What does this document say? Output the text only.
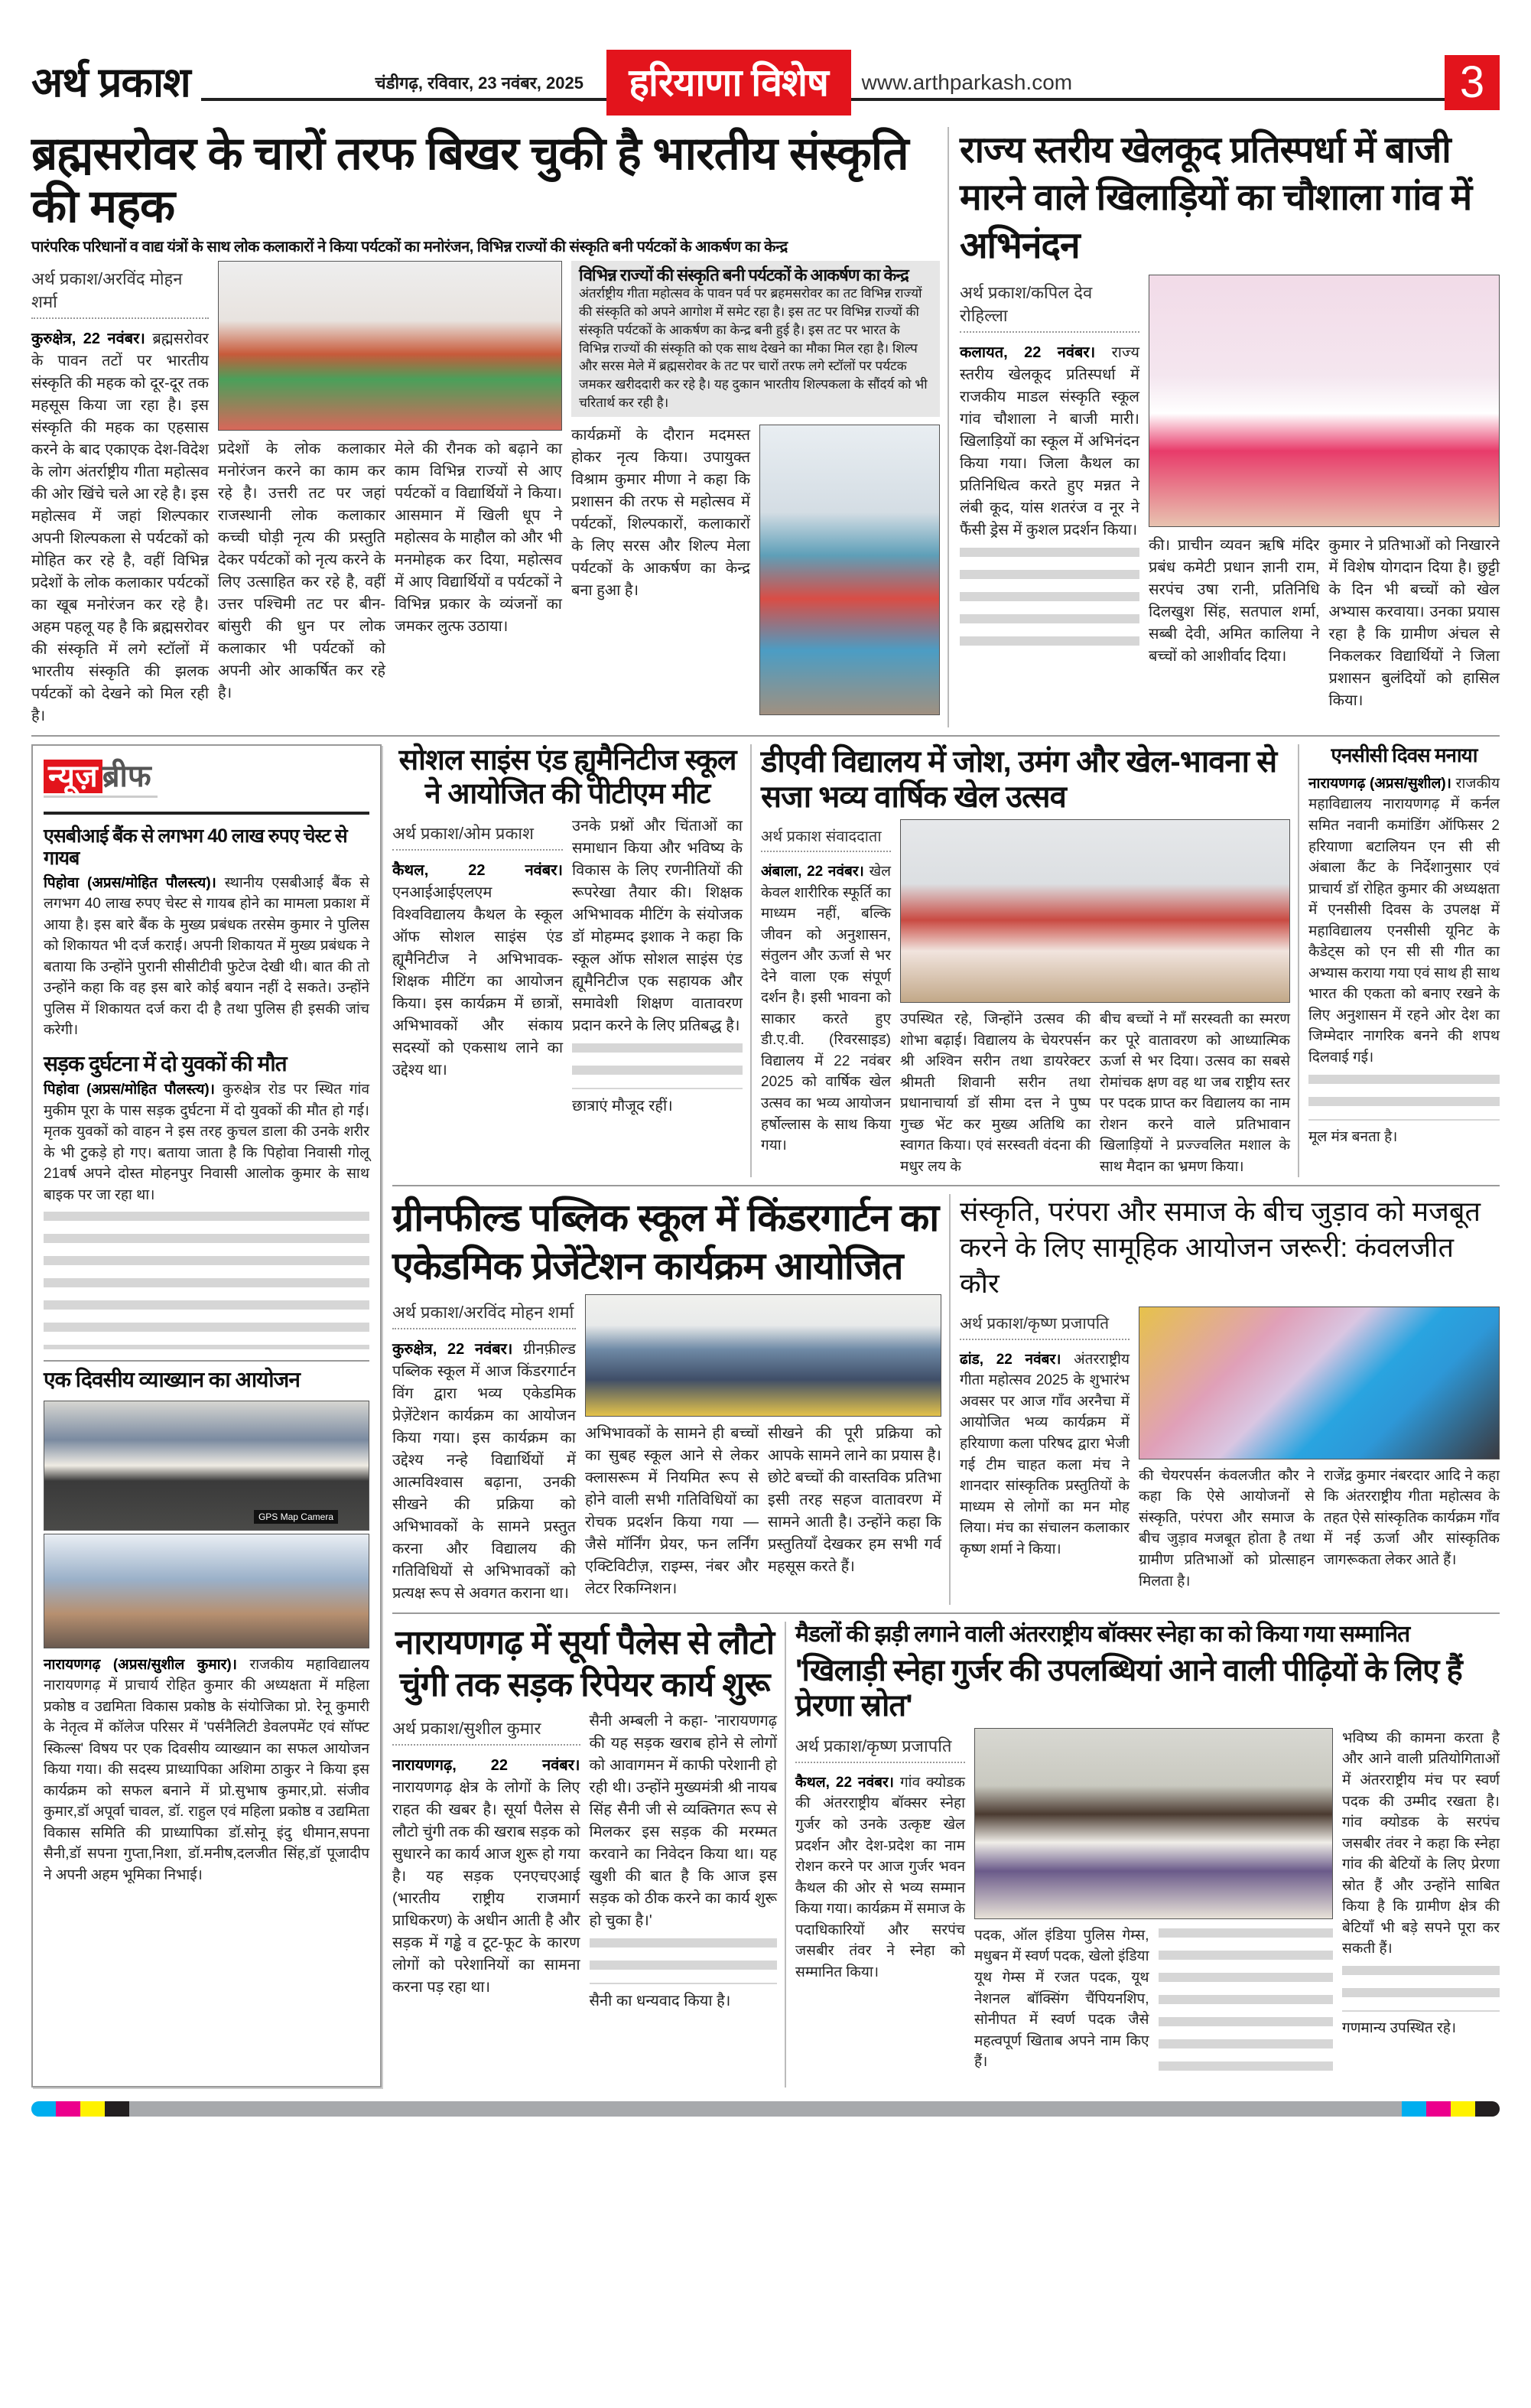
अर्थ प्रकाश	चंडीगढ़, रविवार, 23 नवंबर, 2025	हरियाणा विशेष	www.arthparkash.com	3
ब्रह्मसरोवर के चारों तरफ बिखर चुकी है भारतीय संस्कृति की महक
पारंपरिक परिधानों व वाद्य यंत्रों के साथ लोक कलाकारों ने किया पर्यटकों का मनोरंजन, विभिन्न राज्यों की संस्कृति बनी पर्यटकों के आकर्षण का केन्द्र
अर्थ प्रकाश/अरविंद मोहन शर्मा
कुरुक्षेत्र, 22 नवंबर। ब्रह्मसरोवर के पावन तटों पर भारतीय संस्कृति की महक को दूर-दूर तक महसूस किया जा रहा है। इस संस्कृति की महक का एहसास करने के बाद एकाएक देश-विदेश के लोग अंतर्राष्ट्रीय गीता महोत्सव की ओर खिंचे चले आ रहे है। इस महोत्सव में जहां शिल्पकार अपनी शिल्पकला से पर्यटकों को मोहित कर रहे है, वहीं विभिन्न प्रदेशों के लोक कलाकार पर्यटकों का खूब मनोरंजन कर रहे है। अहम पहलू यह है कि ब्रह्मसरोवर की संस्कृति में लगे स्टॉलों में भारतीय संस्कृति की झलक पर्यटकों को देखने को मिल रही है।
प्रदेशों के लोक कलाकार मनोरंजन करने का काम कर रहे है। उत्तरी तट पर जहां राजस्थानी लोक कलाकार कच्ची घोड़ी नृत्य की प्रस्तुति देकर पर्यटकों को नृत्य करने के लिए उत्साहित कर रहे है, वहीं उत्तर पश्चिमी तट पर बीन-बांसुरी की धुन पर लोक कलाकार भी पर्यटकों को अपनी ओर आकर्षित कर रहे है।
मेले की रौनक को बढ़ाने का काम विभिन्न राज्यों से आए पर्यटकों व विद्यार्थियों ने किया। आसमान में खिली धूप ने महोत्सव के माहौल को और भी मनमोहक कर दिया, महोत्सव में आए विद्यार्थियों व पर्यटकों ने विभिन्न प्रकार के व्यंजनों का जमकर लुत्फ उठाया।
विभिन्न राज्यों की संस्कृति बनी पर्यटकों के आकर्षण का केन्द्र
अंतर्राष्ट्रीय गीता महोत्सव के पावन पर्व पर ब्रहमसरोवर का तट विभिन्न राज्यों की संस्कृति को अपने आगोश में समेट रहा है। इस तट पर विभिन्न राज्यों की संस्कृति पर्यटकों के आकर्षण का केन्द्र बनी हुई है। इस तट पर भारत के विभिन्न राज्यों की संस्कृति को एक साथ देखने का मौका मिल रहा है। शिल्प और सरस मेले में ब्रह्मसरोवर के तट पर चारों तरफ लगे स्टॉलों पर पर्यटक जमकर खरीददारी कर रहे है। यह दुकान भारतीय शिल्पकला के सौंदर्य को भी चरितार्थ कर रही है।
कार्यक्रमों के दौरान मदमस्त होकर नृत्य किया। उपायुक्त विश्राम कुमार मीणा ने कहा कि प्रशासन की तरफ से महोत्सव में पर्यटकों, शिल्पकारों, कलाकारों के लिए सरस और शिल्प मेला पर्यटकों के आकर्षण का केन्द्र बना हुआ है।
राज्य स्तरीय खेलकूद प्रतिस्पर्धा में बाजी मारने वाले खिलाड़ियों का चौशाला गांव में अभिनंदन
अर्थ प्रकाश/कपिल देव रोहिल्ला
कलायत, 22 नवंबर। राज्य स्तरीय खेलकूद प्रतिस्पर्धा में राजकीय माडल संस्कृति स्कूल गांव चौशाला ने बाजी मारी। खिलाड़ियों का स्कूल में अभिनंदन किया गया। जिला कैथल का प्रतिनिधित्व करते हुए मन्नत ने लंबी कूद, यांस शतरंज व नूर ने फैंसी ड्रेस में कुशल प्रदर्शन किया।
की। प्राचीन व्यवन ऋषि मंदिर प्रबंध कमेटी प्रधान ज्ञानी राम, सरपंच उषा रानी, प्रतिनिधि दिलखुश सिंह, सतपाल शर्मा, सब्बी देवी, अमित कालिया ने बच्चों को आशीर्वाद दिया।
कुमार ने प्रतिभाओं को निखारने में विशेष योगदान दिया है। छुट्टी के दिन भी बच्चों को खेल अभ्यास करवाया। उनका प्रयास रहा है कि ग्रामीण अंचल से निकलकर विद्यार्थियों ने जिला प्रशासन बुलंदियों को हासिल किया।
न्यूज़ ब्रीफ
एसबीआई बैंक से लगभग 40 लाख रुपए चेस्ट से गायब
पिहोवा (अप्रस/मोहित पौलस्त्य)। स्थानीय एसबीआई बैंक से लगभग 40 लाख रुपए चेस्ट से गायब होने का मामला प्रकाश में आया है। इस बारे बैंक के मुख्य प्रबंधक तरसेम कुमार ने पुलिस को शिकायत भी दर्ज कराई। अपनी शिकायत में मुख्य प्रबंधक ने बताया कि उन्होंने पुरानी सीसीटीवी फुटेज देखी थी। बात की तो उन्होंने कहा कि वह इस बारे कोई बयान नहीं दे सकते। उन्होंने पुलिस में शिकायत दर्ज करा दी है तथा पुलिस ही इसकी जांच करेगी।
सड़क दुर्घटना में दो युवकों की मौत
पिहोवा (अप्रस/मोहित पौलस्त्य)। कुरुक्षेत्र रोड पर स्थित गांव मुकीम पूरा के पास सड़क दुर्घटना में दो युवकों की मौत हो गई। मृतक युवकों को वाहन ने इस तरह कुचल डाला की उनके शरीर के भी टुकड़े हो गए। बताया जाता है कि पिहोवा निवासी गोलू 21वर्ष अपने दोस्त मोहनपुर निवासी आलोक कुमार के साथ बाइक पर जा रहा था।
एक दिवसीय व्याख्यान का आयोजन
GPS Map Camera
नारायणगढ़ (अप्रस/सुशील कुमार)। राजकीय महाविद्यालय नारायणगढ़ में प्राचार्य रोहित कुमार की अध्यक्षता में महिला प्रकोष्ठ व उद्यमिता विकास प्रकोष्ठ के संयोजिका प्रो. रेनू कुमारी के नेतृत्व में कॉलेज परिसर में 'पर्सनैलिटी डेवलपमेंट एवं सॉफ्ट स्किल्स' विषय पर एक दिवसीय व्याख्यान का सफल आयोजन किया गया। की सदस्य प्राध्यापिका अशिमा ठाकुर ने किया इस कार्यक्रम को सफल बनाने में प्रो.सुभाष कुमार,प्रो. संजीव कुमार,डॉ अपूर्वा चावल, डॉ. राहुल एवं महिला प्रकोष्ठ व उद्यमिता विकास समिति की प्राध्यापिका डॉ.सोनू इंदु धीमान,सपना सैनी,डॉ सपना गुप्ता,निशा, डॉ.मनीष,दलजीत सिंह,डॉ पूजादीप ने अपनी अहम भूमिका निभाई।
सोशल साइंस एंड ह्यूमैनिटीज स्कूल ने आयोजित की पीटीएम मीट
अर्थ प्रकाश/ओम प्रकाश
कैथल, 22 नवंबर। एनआईआईएलएम विश्वविद्यालय कैथल के स्कूल ऑफ सोशल साइंस एंड ह्यूमैनिटीज ने अभिभावक-शिक्षक मीटिंग का आयोजन किया। इस कार्यक्रम में छात्रों, अभिभावकों और संकाय सदस्यों को एकसाथ लाने का उद्देश्य था।
उनके प्रश्नों और चिंताओं का समाधान किया और भविष्य के विकास के लिए रणनीतियों की रूपरेखा तैयार की। शिक्षक अभिभावक मीटिंग के संयोजक डॉ मोहम्मद इशाक ने कहा कि स्कूल ऑफ सोशल साइंस एंड ह्यूमैनिटीज एक सहायक और समावेशी शिक्षण वातावरण प्रदान करने के लिए प्रतिबद्ध है।
छात्राएं मौजूद रहीं।
डीएवी विद्यालय में जोश, उमंग और खेल-भावना से सजा भव्य वार्षिक खेल उत्सव
अर्थ प्रकाश संवाददाता
अंबाला, 22 नवंबर। खेल केवल शारीरिक स्फूर्ति का माध्यम नहीं, बल्कि जीवन को अनुशासन, संतुलन और ऊर्जा से भर देने वाला एक संपूर्ण दर्शन है। इसी भावना को साकार करते हुए डी.ए.वी. (रिवरसाइड) विद्यालय में 22 नवंबर 2025 को वार्षिक खेल उत्सव का भव्य आयोजन हर्षोल्लास के साथ किया गया।
उपस्थित रहे, जिन्होंने उत्सव की शोभा बढ़ाई। विद्यालय के चेयरपर्सन श्री अश्विन सरीन तथा डायरेक्टर श्रीमती शिवानी सरीन तथा प्रधानाचार्या डॉ सीमा दत्त ने पुष्प गुच्छ भेंट कर मुख्य अतिथि का स्वागत किया। एवं सरस्वती वंदना की मधुर लय के
बीच बच्चों ने माँ सरस्वती का स्मरण कर पूरे वातावरण को आध्यात्मिक ऊर्जा से भर दिया। उत्सव का सबसे रोमांचक क्षण वह था जब राष्ट्रीय स्तर पर पदक प्राप्त कर विद्यालय का नाम रोशन करने वाले प्रतिभावान खिलाड़ियों ने प्रज्ज्वलित मशाल के साथ मैदान का भ्रमण किया।
एनसीसी दिवस मनाया
नारायणगढ़ (अप्रस/सुशील)। राजकीय महाविद्यालय नारायणगढ़ में कर्नल समित नवानी कमांडिंग ऑफिसर 2 हरियाणा बटालियन एन सी सी अंबाला कैंट के निर्देशानुसार एवं प्राचार्य डॉ रोहित कुमार की अध्यक्षता में एनसीसी दिवस के उपलक्ष में महाविद्यालय एनसीसी यूनिट के कैडेट्स को एन सी सी गीत का अभ्यास कराया गया एवं साथ ही साथ भारत की एकता को बनाए रखने के लिए अनुशासन में रहने ओर देश का जिम्मेदार नागरिक बनने की शपथ दिलवाई गई।
मूल मंत्र बनता है।
ग्रीनफील्ड पब्लिक स्कूल में किंडरगार्टन का एकेडमिक प्रेजेंटेशन कार्यक्रम आयोजित
अर्थ प्रकाश/अरविंद मोहन शर्मा
कुरुक्षेत्र, 22 नवंबर। ग्रीनफ़ील्ड पब्लिक स्कूल में आज किंडरगार्टन विंग द्वारा भव्य एकेडमिक प्रेज़ेंटेशन कार्यक्रम का आयोजन किया गया। इस कार्यक्रम का उद्देश्य नन्हे विद्यार्थियों में आत्मविश्वास बढ़ाना, उनकी सीखने की प्रक्रिया को अभिभावकों के सामने प्रस्तुत करना और विद्यालय की गतिविधियों से अभिभावकों को प्रत्यक्ष रूप से अवगत कराना था।
अभिभावकों के सामने ही बच्चों का सुबह स्कूल आने से लेकर क्लासरूम में नियमित रूप से होने वाली सभी गतिविधियों का रोचक प्रदर्शन किया गया — जैसे मॉर्निंग प्रेयर, फन लर्निंग एक्टिविटीज़, राइम्स, नंबर और लेटर रिकग्निशन।
सीखने की पूरी प्रक्रिया को आपके सामने लाने का प्रयास है। छोटे बच्चों की वास्तविक प्रतिभा इसी तरह सहज वातावरण में सामने आती है। उन्होंने कहा कि प्रस्तुतियाँ देखकर हम सभी गर्व महसूस करते हैं।
संस्कृति, परंपरा और समाज के बीच जुड़ाव को मजबूत करने के लिए सामूहिक आयोजन जरूरी: कंवलजीत कौर
अर्थ प्रकाश/कृष्ण प्रजापति
ढांड, 22 नवंबर। अंतरराष्ट्रीय गीता महोत्सव 2025 के शुभारंभ अवसर पर आज गाँव अरनैचा में आयोजित भव्य कार्यक्रम में हरियाणा कला परिषद द्वारा भेजी गई टीम चाहत कला मंच ने शानदार सांस्कृतिक प्रस्तुतियों के माध्यम से लोगों का मन मोह लिया। मंच का संचालन कलाकार कृष्ण शर्मा ने किया।
की चेयरपर्सन कंवलजीत कौर ने कहा कि ऐसे आयोजनों से संस्कृति, परंपरा और समाज के बीच जुड़ाव मजबूत होता है तथा ग्रामीण प्रतिभाओं को प्रोत्साहन मिलता है।
राजेंद्र कुमार नंबरदार आदि ने कहा कि अंतरराष्ट्रीय गीता महोत्सव के तहत ऐसे सांस्कृतिक कार्यक्रम गाँव में नई ऊर्जा और सांस्कृतिक जागरूकता लेकर आते हैं।
नारायणगढ़ में सूर्या पैलेस से लौटो चुंगी तक सड़क रिपेयर कार्य शुरू
अर्थ प्रकाश/सुशील कुमार
नारायणगढ़, 22 नवंबर। नारायणगढ़ क्षेत्र के लोगों के लिए राहत की खबर है। सूर्या पैलेस से लौटो चुंगी तक की खराब सड़क को सुधारने का कार्य आज शुरू हो गया है। यह सड़क एनएचएआई (भारतीय राष्ट्रीय राजमार्ग प्राधिकरण) के अधीन आती है और सड़क में गड्ढे व टूट-फूट के कारण लोगों को परेशानियों का सामना करना पड़ रहा था।
सैनी अम्बली ने कहा- 'नारायणगढ़ की यह सड़क खराब होने से लोगों को आवागमन में काफी परेशानी हो रही थी। उन्होंने मुख्यमंत्री श्री नायब सिंह सैनी जी से व्यक्तिगत रूप से मिलकर इस सड़क की मरम्मत करवाने का निवेदन किया था। यह खुशी की बात है कि आज इस सड़क को ठीक करने का कार्य शुरू हो चुका है।'
सैनी का धन्यवाद किया है।
मैडलों की झड़ी लगाने वाली अंतरराष्ट्रीय बॉक्सर स्नेहा का को किया गया सम्मानित
'खिलाड़ी स्नेहा गुर्जर की उपलब्धियां आने वाली पीढ़ियों के लिए हैं प्रेरणा स्रोत'
अर्थ प्रकाश/कृष्ण प्रजापति
कैथल, 22 नवंबर। गांव क्योडक की अंतरराष्ट्रीय बॉक्सर स्नेहा गुर्जर को उनके उत्कृष्ट खेल प्रदर्शन और देश-प्रदेश का नाम रोशन करने पर आज गुर्जर भवन कैथल की ओर से भव्य सम्मान किया गया। कार्यक्रम में समाज के पदाधिकारियों और सरपंच जसबीर तंवर ने स्नेहा को सम्मानित किया।
पदक, ऑल इंडिया पुलिस गेम्स, मधुबन में स्वर्ण पदक, खेलो इंडिया यूथ गेम्स में रजत पदक, यूथ नेशनल बॉक्सिंग चैंपियनशिप, सोनीपत में स्वर्ण पदक जैसे महत्वपूर्ण खिताब अपने नाम किए हैं।
भविष्य की कामना करता है और आने वाली प्रतियोगिताओं में अंतरराष्ट्रीय मंच पर स्वर्ण पदक की उम्मीद रखता है। गांव क्योडक के सरपंच जसबीर तंवर ने कहा कि स्नेहा गांव की बेटियों के लिए प्रेरणा स्रोत हैं और उन्होंने साबित किया है कि ग्रामीण क्षेत्र की बेटियाँ भी बड़े सपने पूरा कर सकती हैं।
गणमान्य उपस्थित रहे।
